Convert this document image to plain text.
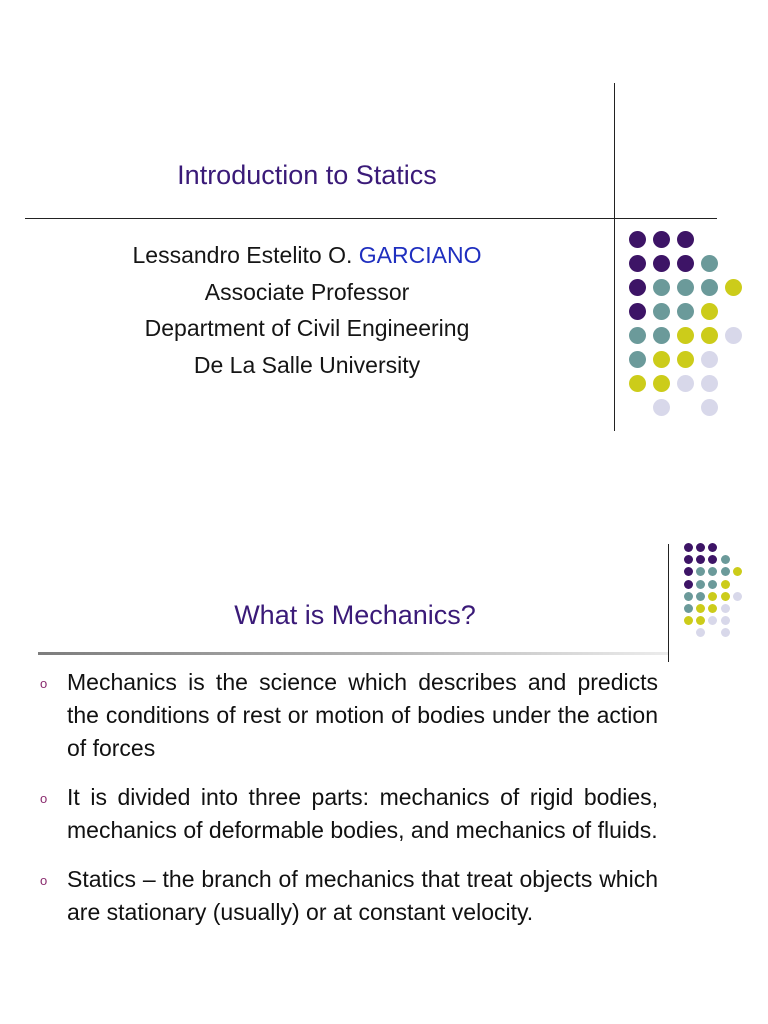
Introduction to Statics
Lessandro Estelito O. GARCIANO
Associate Professor
Department of Civil Engineering
De La Salle University
What is Mechanics?
o Mechanics is the science which describes and predicts the conditions of rest or motion of bodies under the action of forces
o It is divided into three parts: mechanics of rigid bodies, mechanics of deformable bodies, and mechanics of fluids.
o Statics – the branch of mechanics that treat objects which are stationary (usually) or at constant velocity.
